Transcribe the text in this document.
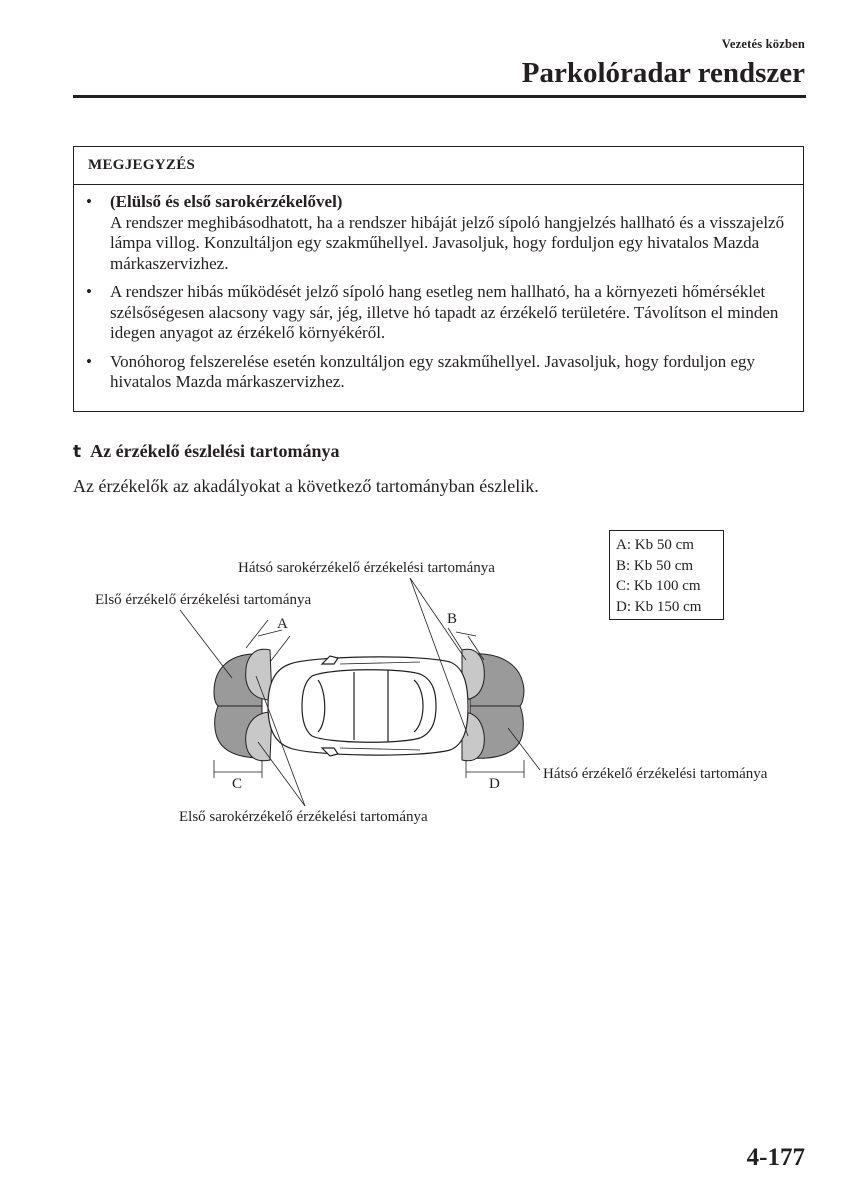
Vezetés közben
Parkolóradar rendszer
MEGJEGYZÉS
• (Elülső és első sarokérzékelővel)
A rendszer meghibásodhatott, ha a rendszer hibáját jelző sípoló hangjelzés hallható és a visszajelző lámpa villog. Konzultáljon egy szakműhellyel. Javasoljuk, hogy forduljon egy hivatalos Mazda márkaszervizhez.
• A rendszer hibás működését jelző sípoló hang esetleg nem hallható, ha a környezeti hőmérséklet szélsőségesen alacsony vagy sár, jég, illetve hó tapadt az érzékelő területére. Távolítson el minden idegen anyagot az érzékelő környékéről.
• Vonóhorog felszerelése esetén konzultáljon egy szakműhellyel. Javasoljuk, hogy forduljon egy hivatalos Mazda márkaszervizhez.
t Az érzékelő észlelési tartománya

Az érzékelők az akadályokat a következő tartományban észlelik.

Hátsó sarokérzékelő érzékelési tartománya
Első érzékelő érzékelési tartománya
A	B
C	D
Hátsó érzékelő érzékelési tartománya
Első sarokérzékelő érzékelési tartománya
A: Kb 50 cm
B: Kb 50 cm
C: Kb 100 cm
D: Kb 150 cm
4-177
